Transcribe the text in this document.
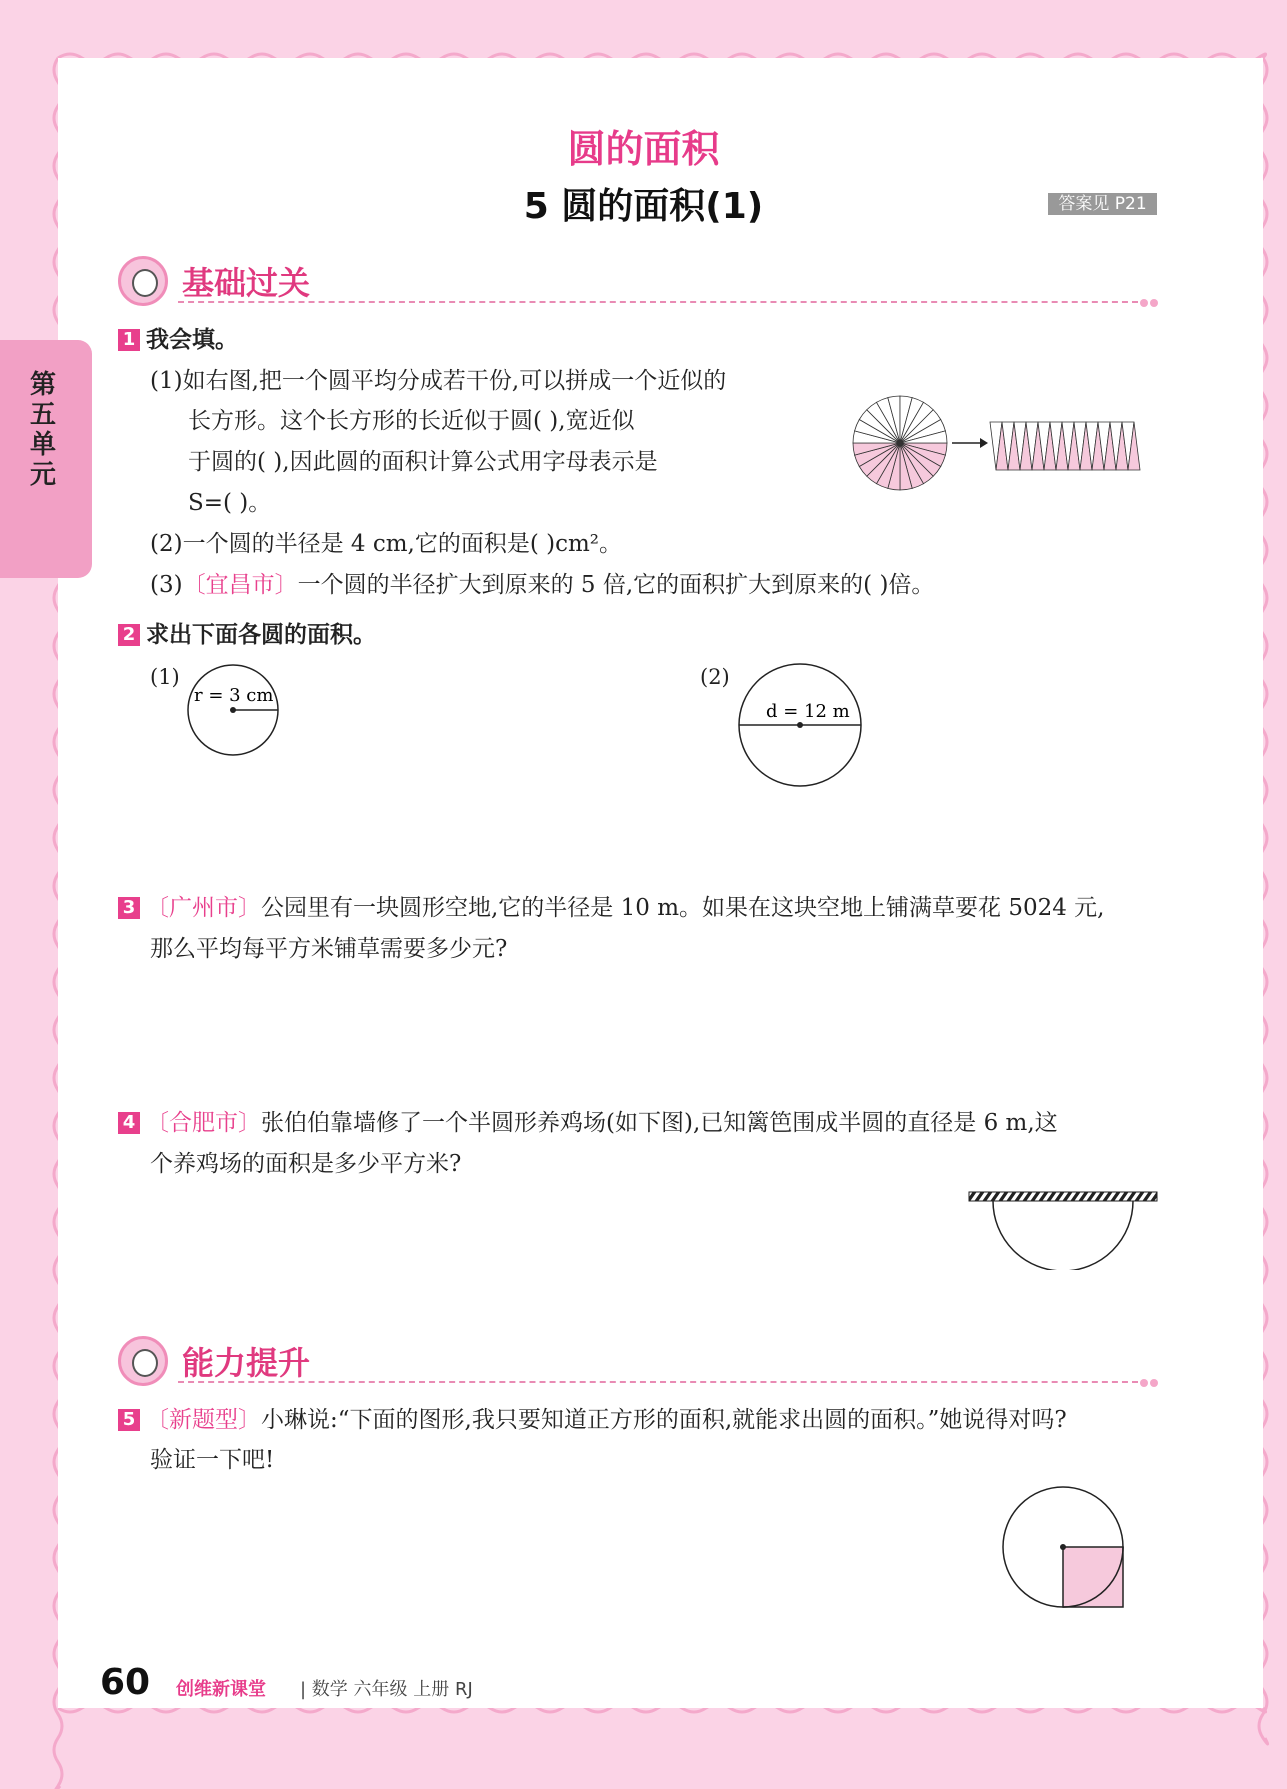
第五单元
圆的面积
5 圆的面积(1)	答案见 P21
基础过关
1 我会填。
(1)如右图,把一个圆平均分成若干份,可以拼成一个近似的
长方形。这个长方形的长近似于圆( ),宽近似
于圆的( ),因此圆的面积计算公式用字母表示是
S=( )。
(2)一个圆的半径是 4 cm,它的面积是( )cm²。
(3)〔宜昌市〕一个圆的半径扩大到原来的 5 倍,它的面积扩大到原来的( )倍。
2 求出下面各圆的面积。
(1)
r = 3 cm
(2)
d = 12 m
3 〔广州市〕公园里有一块圆形空地,它的半径是 10 m。如果在这块空地上铺满草要花 5024 元,
那么平均每平方米铺草需要多少元?
4 〔合肥市〕张伯伯靠墙修了一个半圆形养鸡场(如下图),已知篱笆围成半圆的直径是 6 m,这
个养鸡场的面积是多少平方米?
能力提升
5 〔新题型〕小琳说:“下面的图形,我只要知道正方形的面积,就能求出圆的面积。”她说得对吗?
验证一下吧!
60 创维新课堂 | 数学 六年级 上册 RJ
